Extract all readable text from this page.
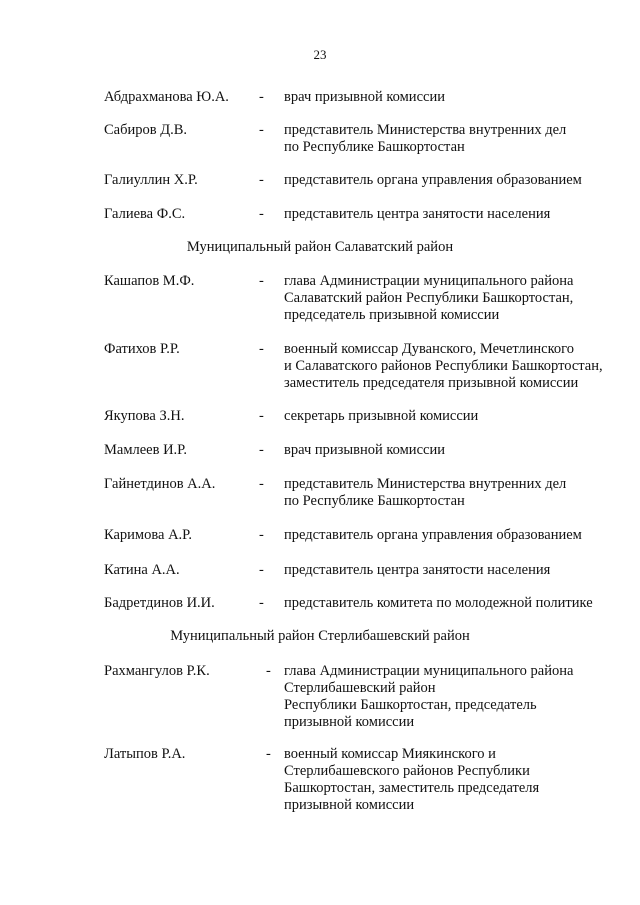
23
Абдрахманова Ю.А. - врач призывной комиссии
Сабиров Д.В.	- представитель Министерства внутренних дел
по Республике Башкортостан
Галиуллин Х.Р.	- представитель органа управления образованием
Галиева Ф.С.	- представитель центра занятости населения
Муниципальный район Салаватский район
Кашапов М.Ф.	- глава Администрации муниципального района
Салаватский район Республики Башкортостан,
председатель призывной комиссии
Фатихов Р.Р.	- военный комиссар Дуванского, Мечетлинского
и Салаватского районов Республики Башкортостан,
заместитель председателя призывной комиссии
Якупова З.Н.	- секретарь призывной комиссии
Мамлеев И.Р.	- врач призывной комиссии
Гайнетдинов А.А.	- представитель Министерства внутренних дел
по Республике Башкортостан
Каримова А.Р.	- представитель органа управления образованием
Катина А.А.	- представитель центра занятости населения
Бадретдинов И.И.	- представитель комитета по молодежной политике
Муниципальный район Стерлибашевский район
Рахмангулов Р.К.	- глава Администрации муниципального района
Стерлибашевский район
Республики Башкортостан, председатель
призывной комиссии
Латыпов Р.А.	- военный комиссар Миякинского и
Стерлибашевского районов Республики
Башкортостан, заместитель председателя
призывной комиссии
